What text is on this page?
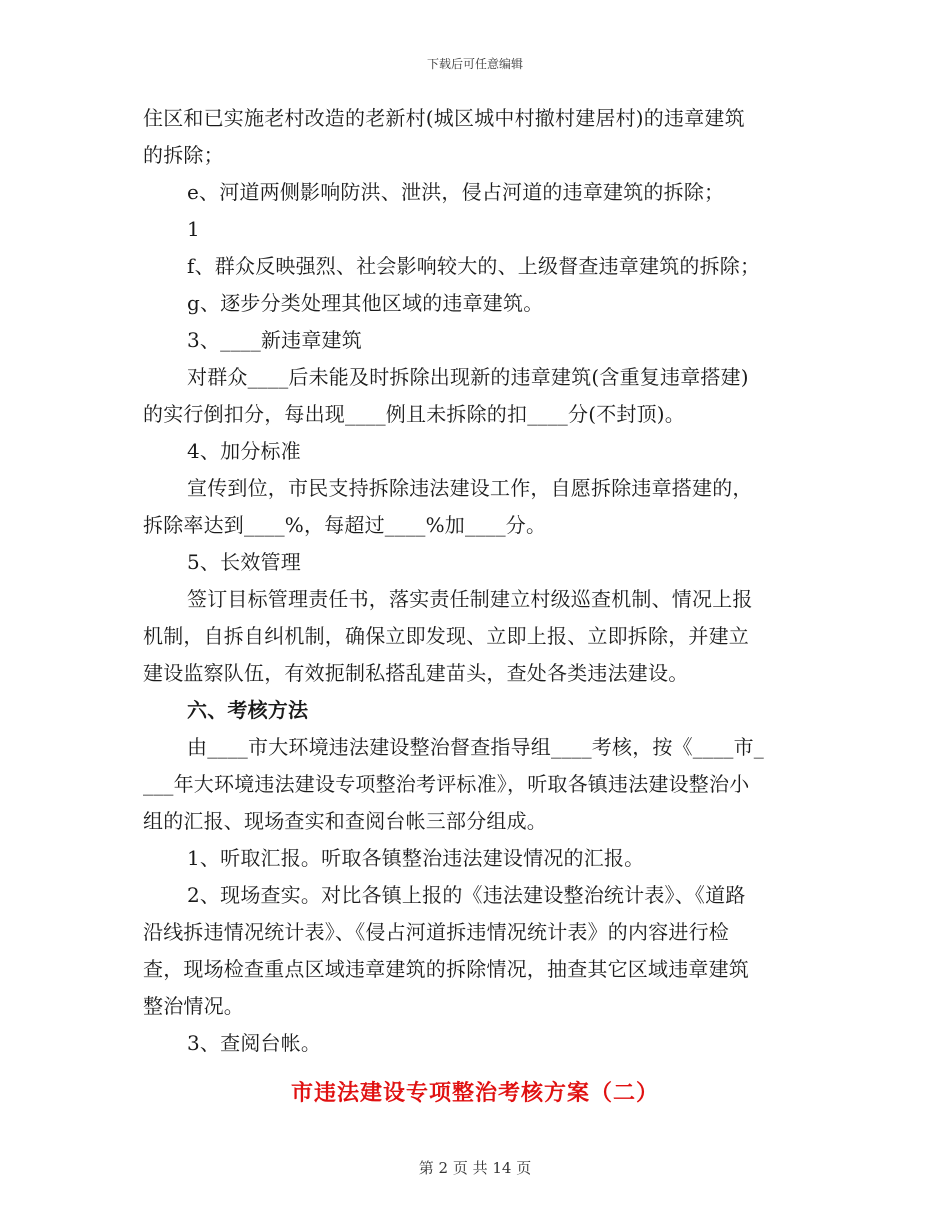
下载后可任意编辑
住区和已实施老村改造的老新村(城区城中村撤村建居村)的违章建筑
的拆除；
e、河道两侧影响防洪、泄洪，侵占河道的违章建筑的拆除；
1
f、群众反映强烈、社会影响较大的、上级督查违章建筑的拆除；
g、逐步分类处理其他区域的违章建筑。
3、____新违章建筑
对群众____后未能及时拆除出现新的违章建筑(含重复违章搭建)
的实行倒扣分，每出现____例且未拆除的扣____分(不封顶)。
4、加分标准
宣传到位，市民支持拆除违法建设工作，自愿拆除违章搭建的，
拆除率达到____%，每超过____%加____分。
5、长效管理
签订目标管理责任书，落实责任制建立村级巡查机制、情况上报
机制，自拆自纠机制，确保立即发现、立即上报、立即拆除，并建立
建设监察队伍，有效扼制私搭乱建苗头，查处各类违法建设。
六、考核方法
由____市大环境违法建设整治督查指导组____考核，按《____市_
___年大环境违法建设专项整治考评标准》，听取各镇违法建设整治小
组的汇报、现场查实和查阅台帐三部分组成。
1、听取汇报。听取各镇整治违法建设情况的汇报。
2、现场查实。对比各镇上报的《违法建设整治统计表》、《道路
沿线拆违情况统计表》、《侵占河道拆违情况统计表》的内容进行检
查，现场检查重点区域违章建筑的拆除情况，抽查其它区域违章建筑
整治情况。
3、查阅台帐。
市违法建设专项整治考核方案（二）
第 2 页 共 14 页
